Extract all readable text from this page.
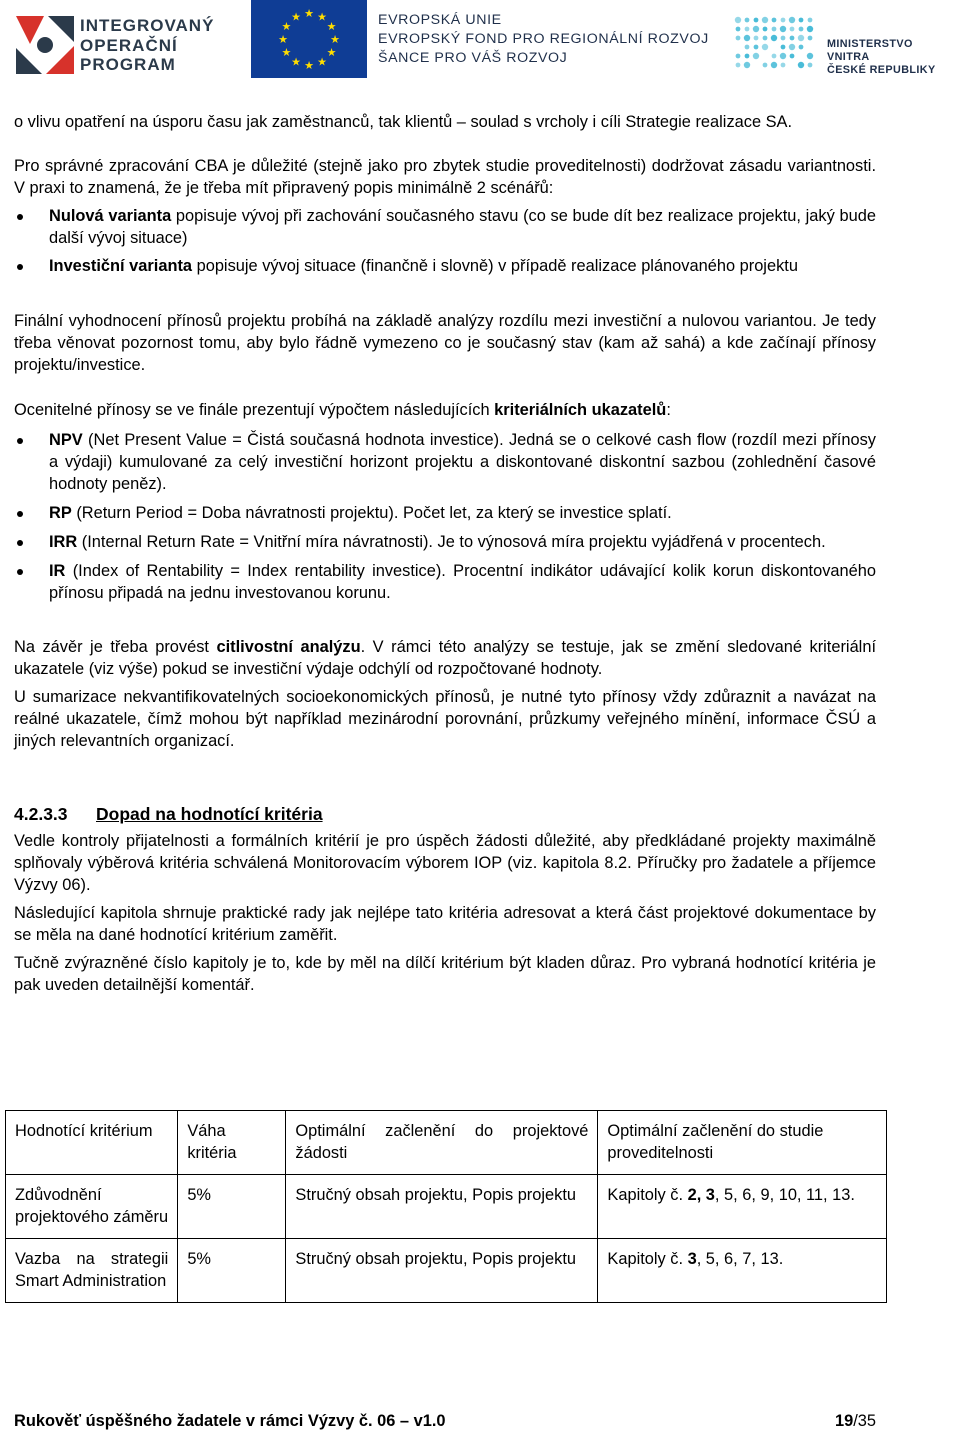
INTEGROVANÝ
OPERAČNÍ
PROGRAM
★ ★
★
★
★
★
★
★
★
★
★
★	EVROPSKÁ UNIE
EVROPSKÝ FOND PRO REGIONÁLNÍ ROZVOJ
ŠANCE PRO VÁŠ ROZVOJ
MINISTERSTVO VNITRA
ČESKÉ REPUBLIKY

o vlivu opatření na úsporu času jak zaměstnanců, tak klientů – soulad s vrcholy i cíli Strategie realizace SA.

Pro správné zpracování CBA je důležité (stejně jako pro zbytek studie proveditelnosti) dodržovat zásadu variantnosti. V praxi to znamená, že je třeba mít připravený popis minimálně 2 scénářů:

Nulová varianta popisuje vývoj při zachování současného stavu (co se bude dít bez realizace projektu, jaký bude další vývoj situace)
Investiční varianta popisuje vývoj situace (finančně i slovně) v případě realizace plánovaného projektu

Finální vyhodnocení přínosů projektu probíhá na základě analýzy rozdílu mezi investiční a nulovou variantou. Je tedy třeba věnovat pozornost tomu, aby bylo řádně vymezeno co je současný stav (kam až sahá) a kde začínají přínosy projektu/investice.

Ocenitelné přínosy se ve finále prezentují výpočtem následujících kriteriálních ukazatelů:

NPV (Net Present Value = Čistá současná hodnota investice). Jedná se o celkové cash flow (rozdíl mezi přínosy a výdaji) kumulované za celý investiční horizont projektu a diskontované diskontní sazbou (zohlednění časové hodnoty peněz).
RP (Return Period = Doba návratnosti projektu). Počet let, za který se investice splatí.
IRR (Internal Return Rate = Vnitřní míra návratnosti). Je to výnosová míra projektu vyjádřená v procentech.
IR (Index of Rentability = Index rentability investice). Procentní indikátor udávající kolik korun diskontovaného přínosu připadá na jednu investovanou korunu.

Na závěr je třeba provést citlivostní analýzu. V rámci této analýzy se testuje, jak se změní sledované kriteriální ukazatele (viz výše) pokud se investiční výdaje odchýlí od rozpočtované hodnoty.

U sumarizace nekvantifikovatelných socioekonomických přínosů, je nutné tyto přínosy vždy zdůraznit a navázat na reálné ukazatele, čímž mohou být například mezinárodní porovnání, průzkumy veřejného mínění, informace ČSÚ a jiných relevantních organizací.

4.2.3.3 Dopad na hodnotící kritéria

Vedle kontroly přijatelnosti a formálních kritérií je pro úspěch žádosti důležité, aby předkládané projekty maximálně splňovaly výběrová kritéria schválená Monitorovacím výborem IOP (viz. kapitola 8.2. Příručky pro žadatele a příjemce Výzvy 06).

Následující kapitola shrnuje praktické rady jak nejlépe tato kritéria adresovat a která část projektové dokumentace by se měla na dané hodnotící kritérium zaměřit.

Tučně zvýrazněné číslo kapitoly je to, kde by měl na dílčí kritérium být kladen důraz. Pro vybraná hodnotící kritéria je pak uveden detailnější komentář.

Hodnotící kritérium	Váha kritéria	Optimální začlenění do projektové žádosti	Optimální začlenění do studie proveditelnosti
Zdůvodnění projektového záměru	5%	Stručný obsah projektu, Popis projektu	Kapitoly č. 2, 3, 5, 6, 9, 10, 11, 13.
Vazba na strategii Smart Administration	5%	Stručný obsah projektu, Popis projektu	Kapitoly č. 3, 5, 6, 7, 13.
Rukověť úspěšného žadatele v rámci Výzvy č. 06 – v1.0	19/35
